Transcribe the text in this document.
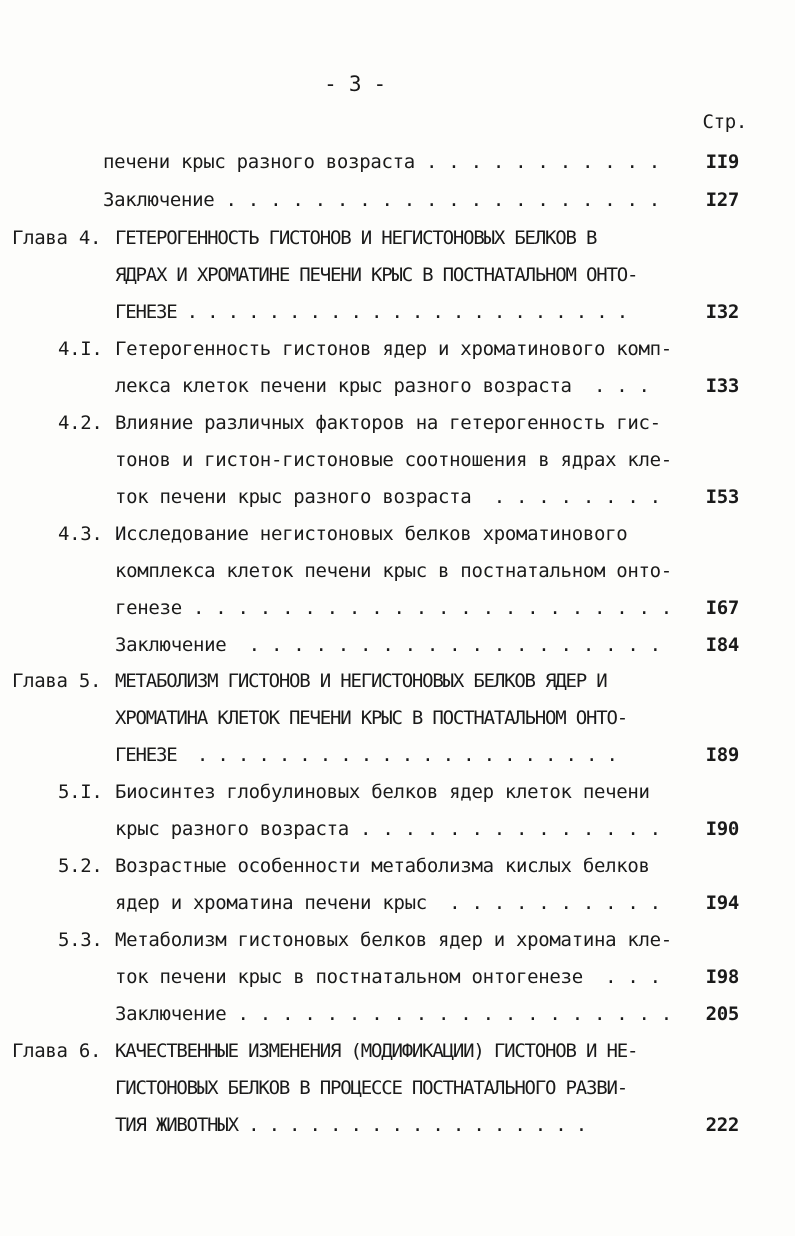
- 3 -
Стр.
печени крыс разного возраста . . . . . . . . . . . II9
Заключение . . . . . . . . . . . . . . . . . . . . I27
Глава 4. ГЕТЕРОГЕННОСТЬ ГИСТОНОВ И НЕГИСТОНОВЫХ БЕЛКОВ В
ЯДРАХ И ХРОМАТИНЕ ПЕЧЕНИ КРЫС В ПОСТНАТАЛЬНОМ ОНТО-
ГЕНЕЗЕ . . . . . . . . . . . . . . . . . . . . . .	I32
4.I. Гетерогенность гистонов ядер и хроматинового комп-
лекса клеток печени крыс разного возраста  . . .	I33
4.2. Влияние различных факторов на гетерогенность гис-
тонов и гистон-гистоновые соотношения в ядрах кле-
ток печени крыс разного возраста  . . . . . . . . I53
4.3. Исследование негистоновых белков хроматинового
комплекса клеток печени крыс в постнатальном онто-
генезе . . . . . . . . . . . . . . . . . . . . . . I67
Заключение  . . . . . . . . . . . . . . . . . . . I84
Глава 5. МЕТАБОЛИЗМ ГИСТОНОВ И НЕГИСТОНОВЫХ БЕЛКОВ ЯДЕР И
ХРОМАТИНА КЛЕТОК ПЕЧЕНИ КРЫС В ПОСТНАТАЛЬНОМ ОНТО-
ГЕНЕЗЕ  . . . . . . . . . . . . . . . . . . . . .	I89
5.I. Биосинтез глобулиновых белков ядер клеток печени
крыс разного возраста . . . . . . . . . . . . . . I90
5.2. Возрастные особенности метаболизма кислых белков
ядер и хроматина печени крыс  . . . . . . . . . . I94
5.3. Метаболизм гистоновых белков ядер и хроматина кле-
ток печени крыс в постнатальном онтогенезе  . . . I98
Заключение . . . . . . . . . . . . . . . . . . . . 205
Глава 6. КАЧЕСТВЕННЫЕ ИЗМЕНЕНИЯ (МОДИФИКАЦИИ) ГИСТОНОВ И НЕ-
ГИСТОНОВЫХ БЕЛКОВ В ПРОЦЕССЕ ПОСТНАТАЛЬНОГО РАЗВИ-
ТИЯ ЖИВОТНЫХ . . . . . . . . . . . . . . . . .	222
